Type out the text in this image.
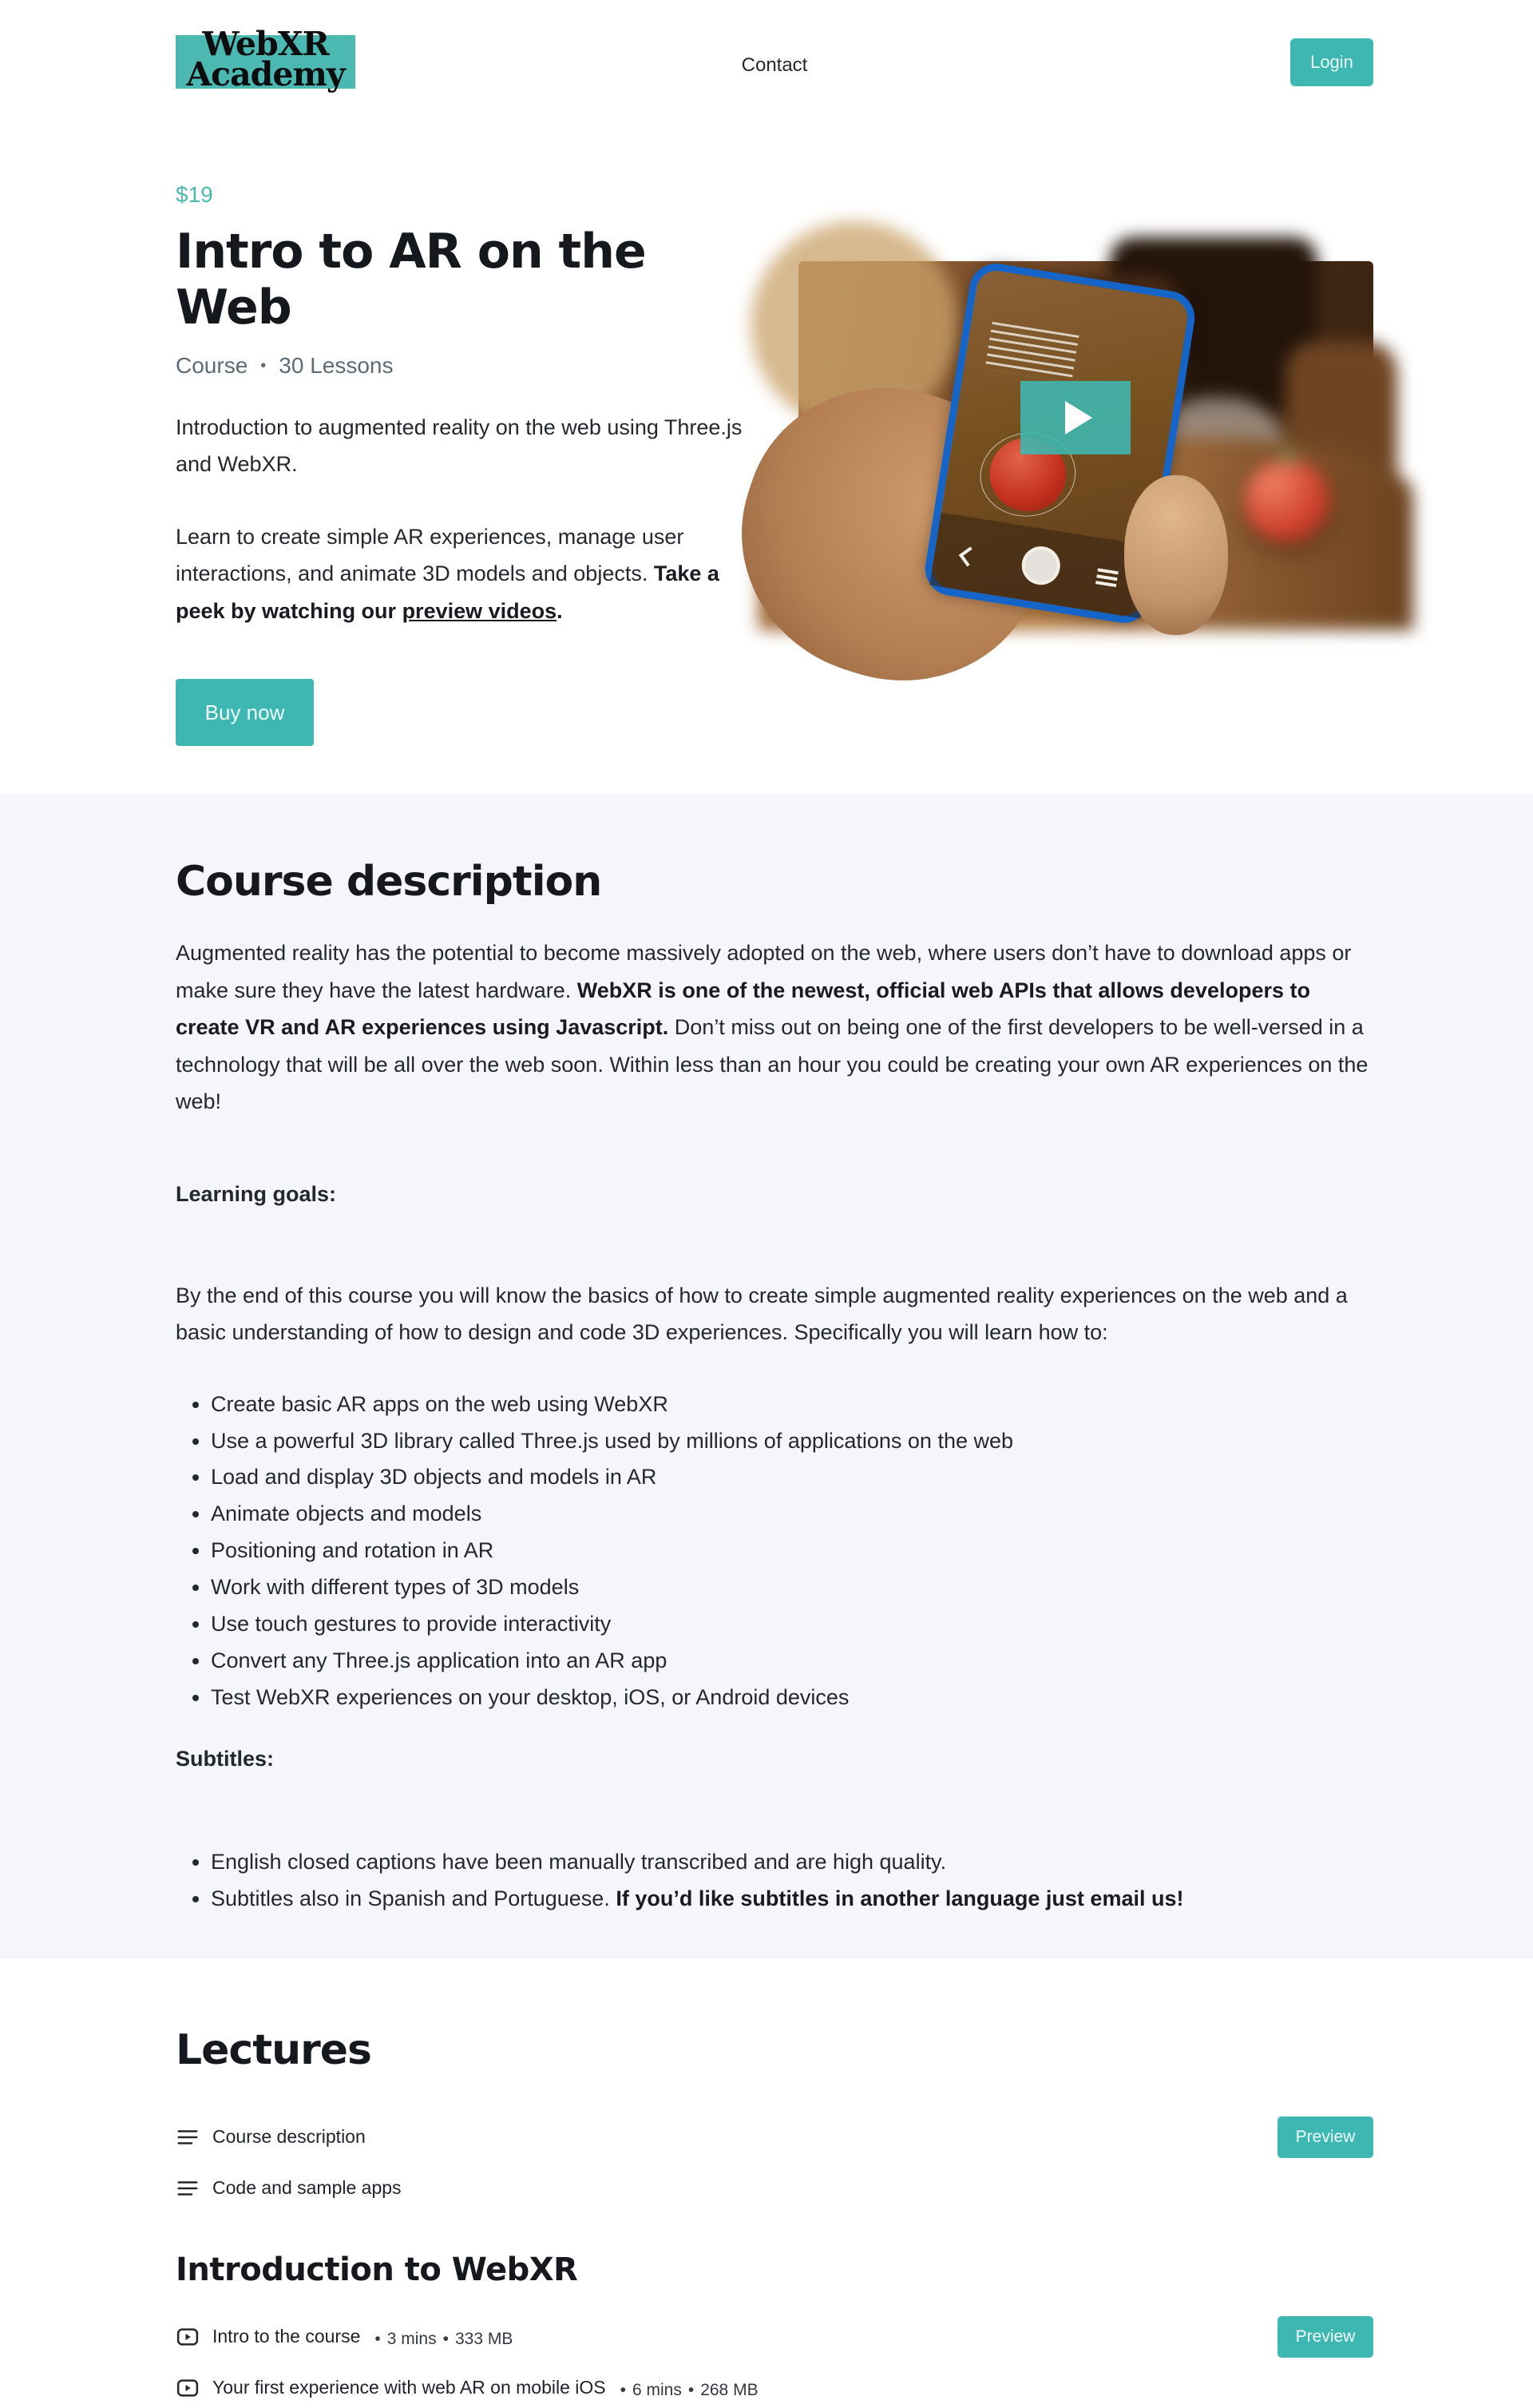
WebXR
Academy	Contact	Login
$19
Intro to AR on the Web
Course • 30 Lessons

Introduction to augmented reality on the web using Three.js and WebXR.

Learn to create simple AR experiences, manage user interactions, and animate 3D models and objects. Take a peek by watching our preview videos.

Buy now
Course description

Augmented reality has the potential to become massively adopted on the web, where users don’t have to download apps or make sure they have the latest hardware. WebXR is one of the newest, official web APIs that allows developers to create VR and AR experiences using Javascript. Don’t miss out on being one of the first developers to be well-versed in a technology that will be all over the web soon. Within less than an hour you could be creating your own AR experiences on the web!

Learning goals:

By the end of this course you will know the basics of how to create simple augmented reality experiences on the web and a basic understanding of how to design and code 3D experiences. Specifically you will learn how to:

• Create basic AR apps on the web using WebXR
• Use a powerful 3D library called Three.js used by millions of applications on the web
• Load and display 3D objects and models in AR
• Animate objects and models
• Positioning and rotation in AR
• Work with different types of 3D models
• Use touch gestures to provide interactivity
• Convert any Three.js application into an AR app
• Test WebXR experiences on your desktop, iOS, or Android devices

Subtitles:

• English closed captions have been manually transcribed and are high quality.
• Subtitles also in Spanish and Portuguese. If you’d like subtitles in another language just email us!
Lectures
Course description	Preview
Code and sample apps
Introduction to WebXR
Intro to the course • 3 mins • 333 MB	Preview
Your first experience with web AR on mobile iOS • 6 mins • 268 MB
